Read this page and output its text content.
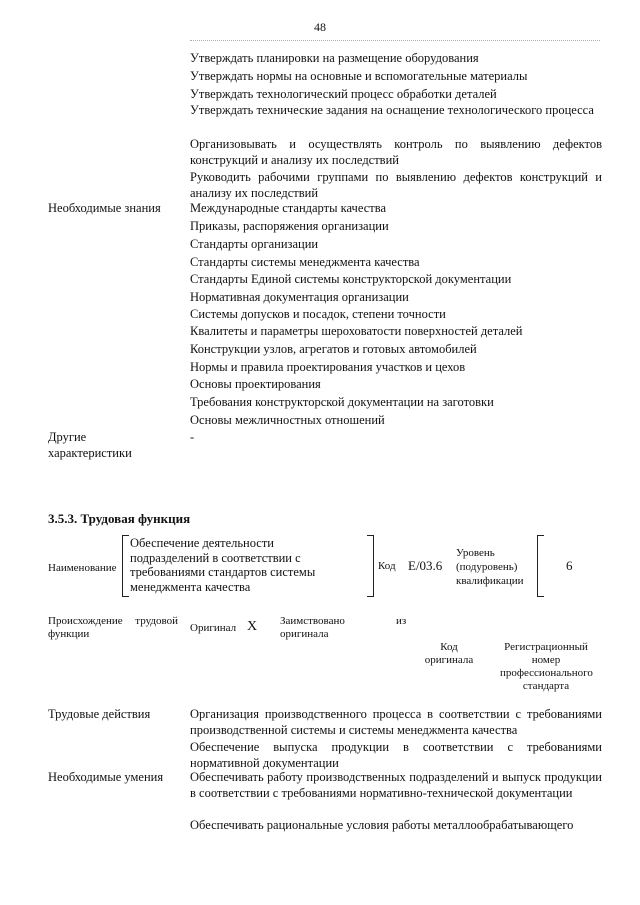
48
Утверждать планировки на размещение оборудования
Утверждать нормы на основные и вспомогательные материалы
Утверждать технологический процесс обработки деталей
Утверждать технические задания на оснащение технологического процесса
Организовывать и осуществлять контроль по выявлению дефектов конструкций и анализу их последствий
Руководить рабочими группами по выявлению дефектов конструкций и анализу их последствий
Необходимые знания Международные стандарты качества
Приказы, распоряжения организации
Стандарты организации
Стандарты системы менеджмента качества
Стандарты Единой системы конструкторской документации
Нормативная документация организации
Системы допусков и посадок, степени точности
Квалитеты и параметры шероховатости поверхностей деталей
Конструкции узлов, агрегатов и готовых автомобилей
Нормы и правила проектирования участков и цехов
Основы проектирования
Требования конструкторской документации на заготовки
Основы межличностных отношений
Другие характеристики
-
3.5.3. Трудовая функция
Наименование
Обеспечение деятельности подразделений в соответствии с требованиями стандартов системы менеджмента качества
Код E/03.6
Уровень (подуровень) квалификации
6
Происхождение трудовой функции	Оригинал X Заимствовано оригинала
из
Код оригинала
Регистрационный номер профессионального стандарта
Трудовые действия	Организация производственного процесса в соответствии с требованиями производственной системы и системы менеджмента качества
Обеспечение выпуска продукции в соответствии с требованиями нормативной документации
Необходимые умения Обеспечивать работу производственных подразделений и выпуск продукции в соответствии с требованиями нормативно-технической документации
Обеспечивать рациональные условия работы металлообрабатывающего
